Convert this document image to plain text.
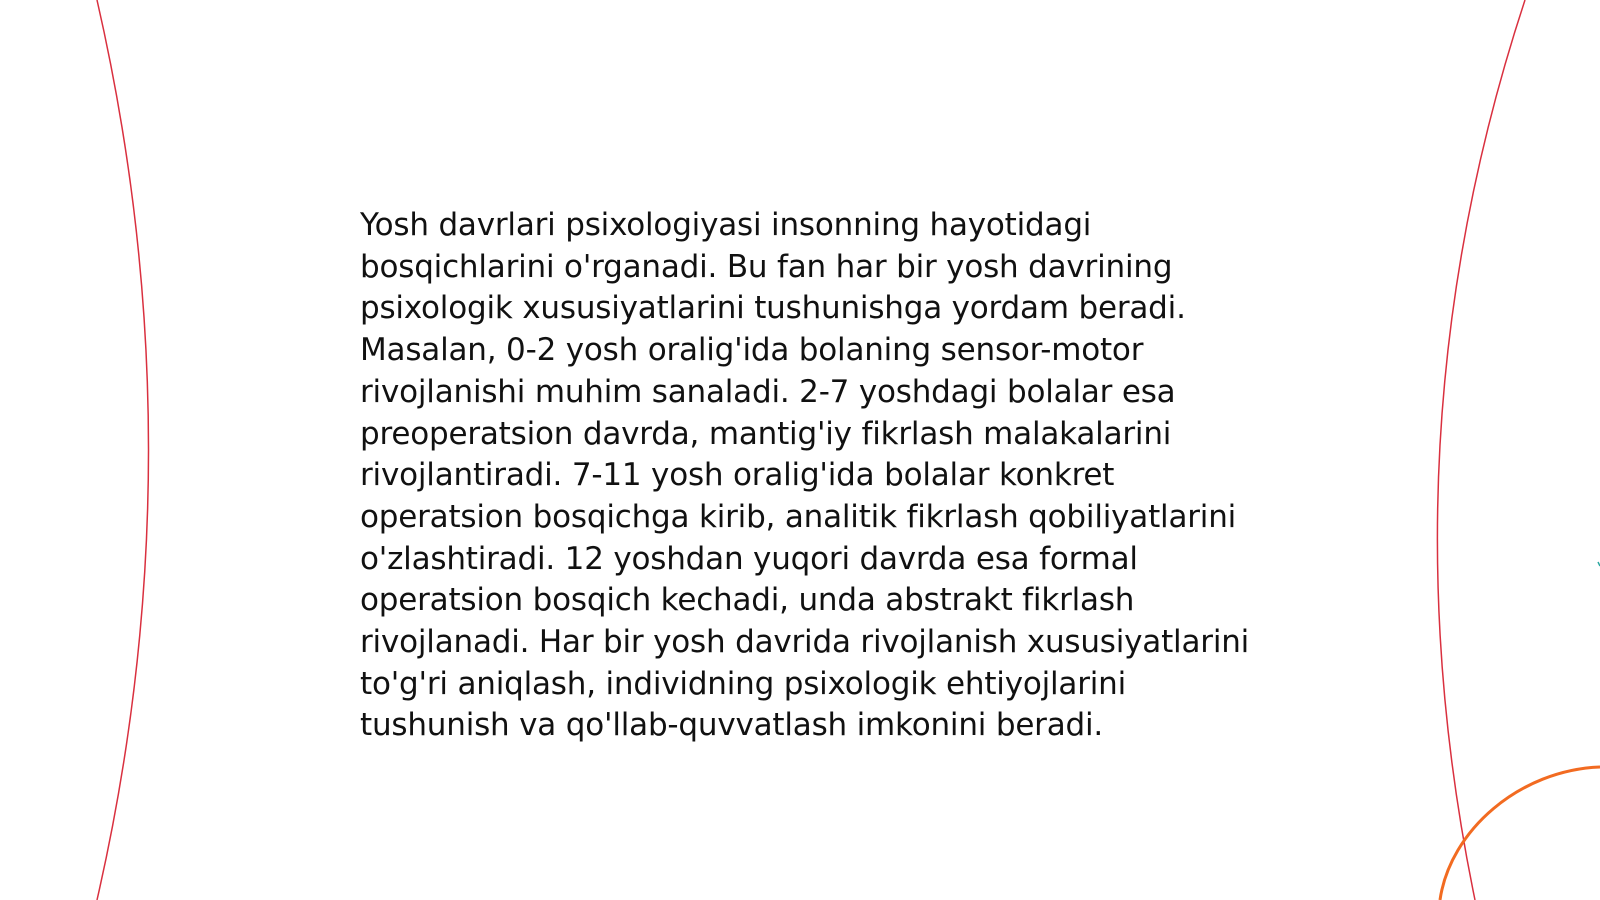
Yosh davrlari psixologiyasi insonning hayotidagi bosqichlarini o'rganadi. Bu fan har bir yosh davrining psixologik xususiyatlarini tushunishga yordam beradi. Masalan, 0-2 yosh oralig'ida bolaning sensor-motor rivojlanishi muhim sanaladi. 2-7 yoshdagi bolalar esa preoperatsion davrda, mantig'iy fikrlash malakalarini rivojlantiradi. 7-11 yosh oralig'ida bolalar konkret operatsion bosqichga kirib, analitik fikrlash qobiliyatlarini o'zlashtiradi. 12 yoshdan yuqori davrda esa formal operatsion bosqich kechadi, unda abstrakt fikrlash rivojlanadi. Har bir yosh davrida rivojlanish xususiyatlarini to'g'ri aniqlash, individning psixologik ehtiyojlarini tushunish va qo'llab-quvvatlash imkonini beradi.
